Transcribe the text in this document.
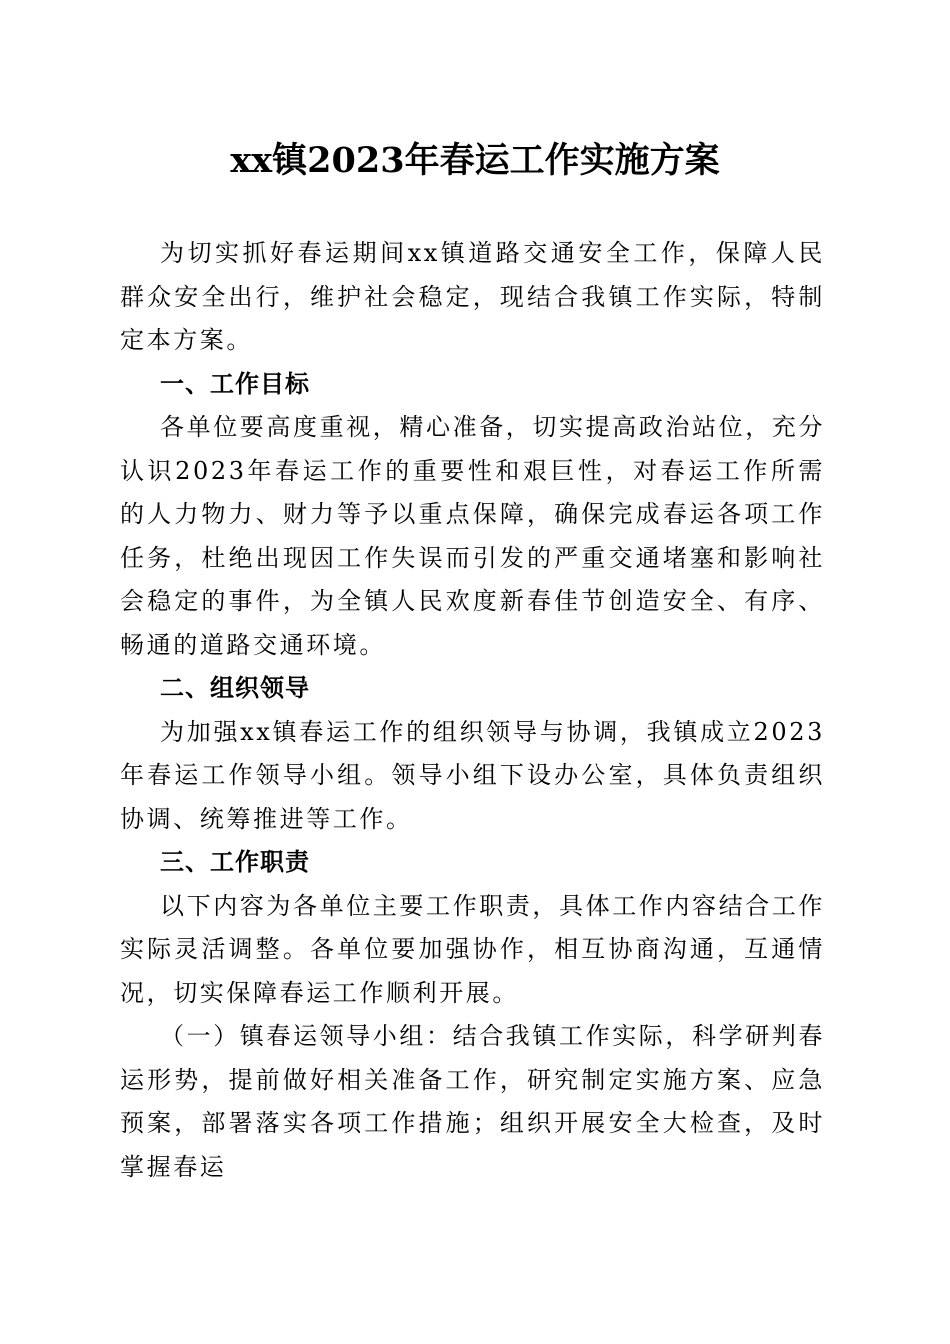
xx镇2023年春运工作实施方案

为切实抓好春运期间xx镇道路交通安全工作，保障人民群众安全出行，维护社会稳定，现结合我镇工作实际，特制定本方案。

一、工作目标

各单位要高度重视，精心准备，切实提高政治站位，充分认识2023年春运工作的重要性和艰巨性，对春运工作所需的人力物力、财力等予以重点保障，确保完成春运各项工作任务，杜绝出现因工作失误而引发的严重交通堵塞和影响社会稳定的事件，为全镇人民欢度新春佳节创造安全、有序、畅通的道路交通环境。

二、组织领导

为加强xx镇春运工作的组织领导与协调，我镇成立2023年春运工作领导小组。领导小组下设办公室，具体负责组织协调、统筹推进等工作。

三、工作职责

以下内容为各单位主要工作职责，具体工作内容结合工作实际灵活调整。各单位要加强协作，相互协商沟通，互通情况，切实保障春运工作顺利开展。

（一）镇春运领导小组：结合我镇工作实际，科学研判春运形势，提前做好相关准备工作，研究制定实施方案、应急预案，部署落实各项工作措施；组织开展安全大检查，及时掌握春运
